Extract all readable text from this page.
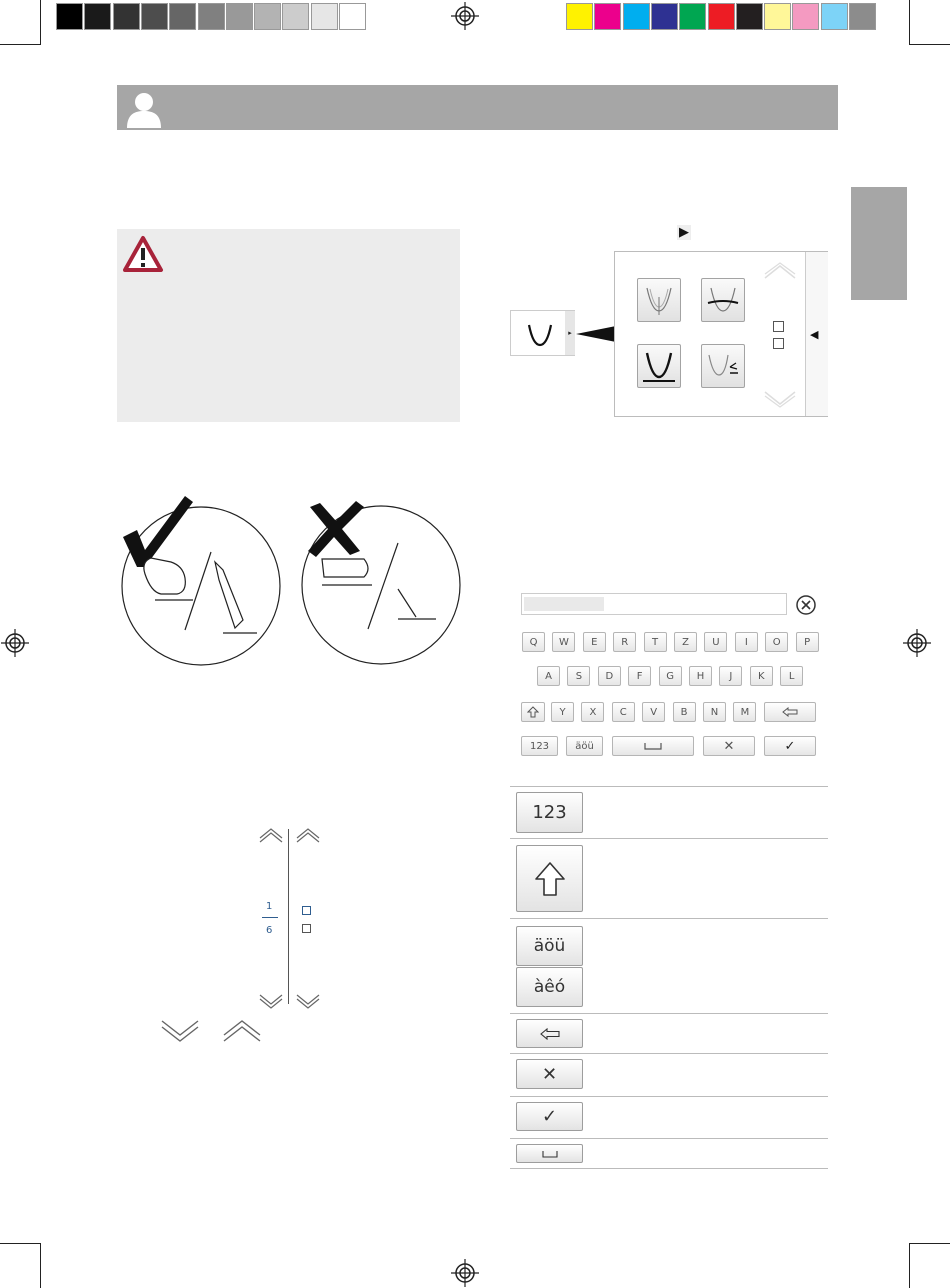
▶
▸	◀
Q	W	E	R	T	Z	U	I	O	P
A	S	D	F	G	H	J	K	L
Y	X	C	V	B	N	M
123	äöü	✕	✓
123
äöü
àêó
✕
✓
1
6
